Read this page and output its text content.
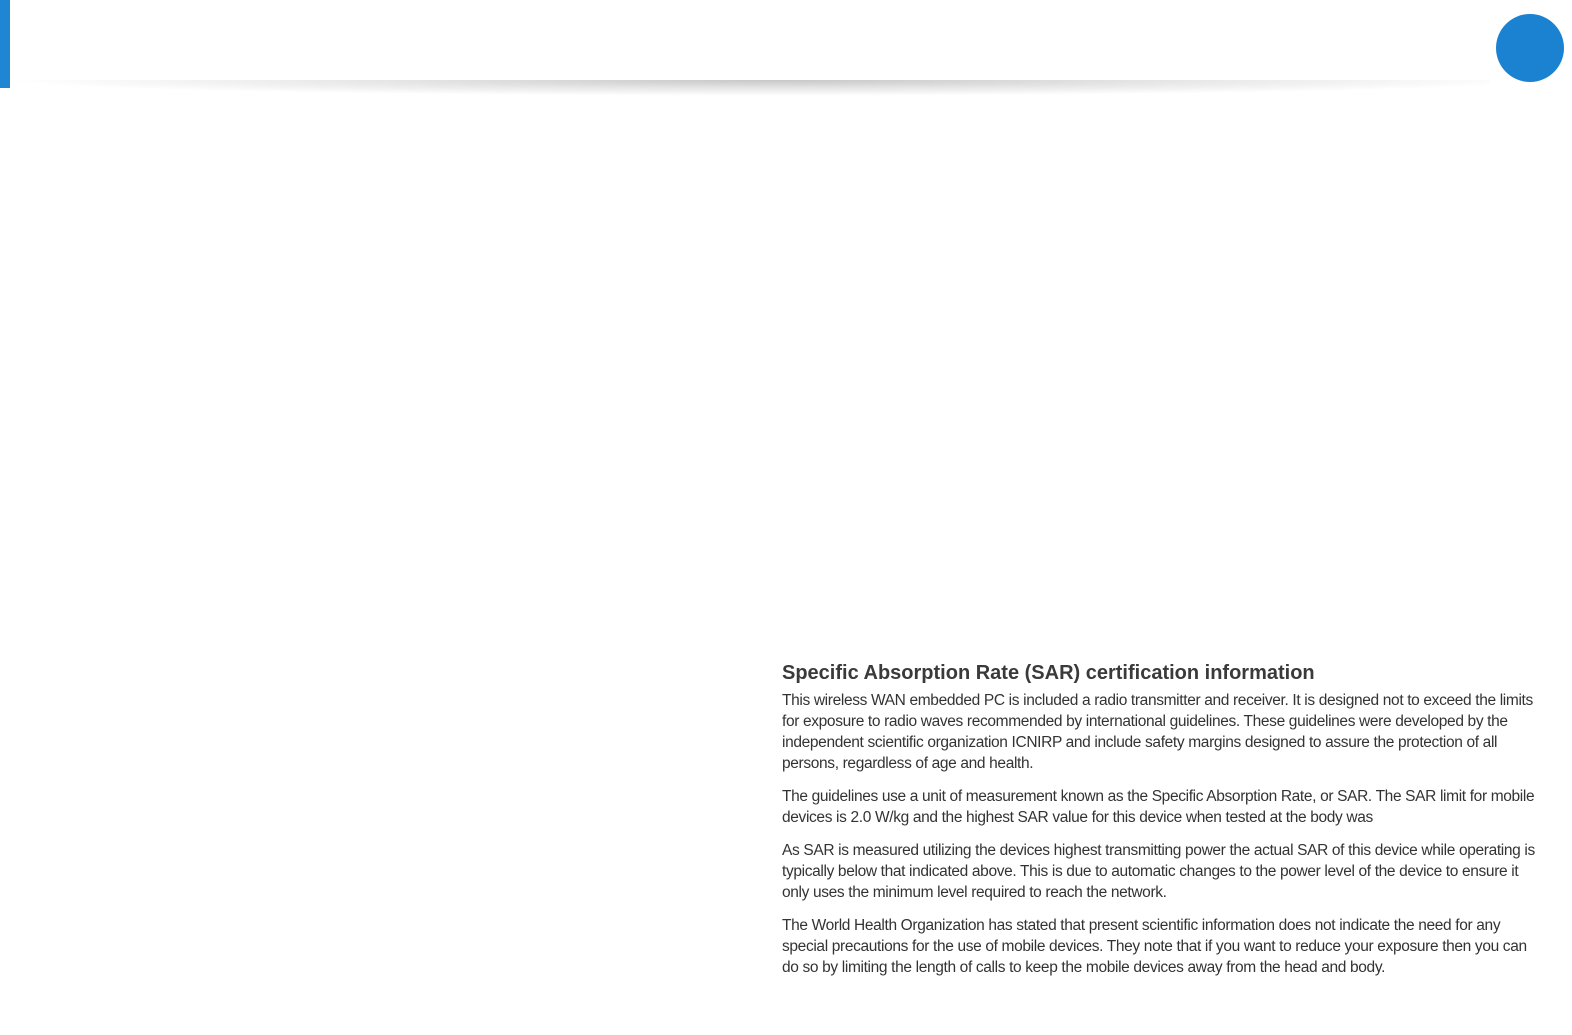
Specific Absorption Rate (SAR) certification information

This wireless WAN embedded PC is included a radio transmitter and receiver. It is designed not to exceed the limits for exposure to radio waves recommended by international guidelines. These guidelines were developed by the independent scientific organization ICNIRP and include safety margins designed to assure the protection of all persons, regardless of age and health.

The guidelines use a unit of measurement known as the Specific Absorption Rate, or SAR. The SAR limit for mobile devices is 2.0 W/kg and the highest SAR value for this device when tested at the body was

As SAR is measured utilizing the devices highest transmitting power the actual SAR of this device while operating is typically below that indicated above. This is due to automatic changes to the power level of the device to ensure it only uses the minimum level required to reach the network.

The World Health Organization has stated that present scientific information does not indicate the need for any special precautions for the use of mobile devices. They note that if you want to reduce your exposure then you can do so by limiting the length of calls to keep the mobile devices away from the head and body.
